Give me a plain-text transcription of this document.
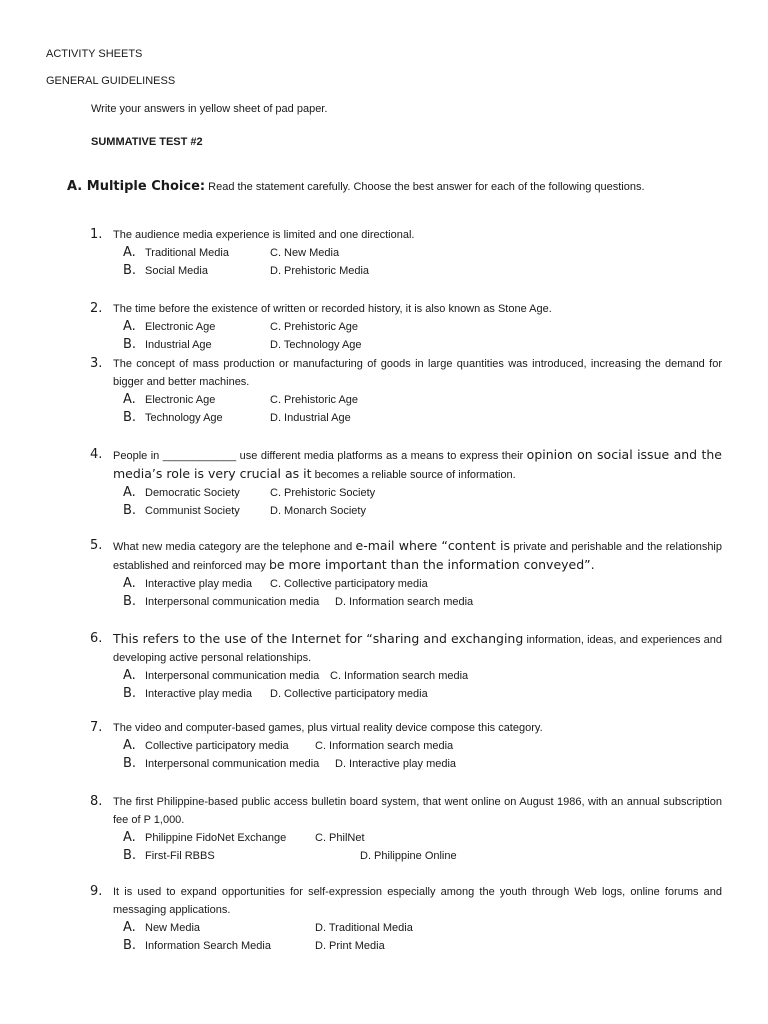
ACTIVITY SHEETS
GENERAL GUIDELINESS
Write your answers in yellow sheet of pad paper.
SUMMATIVE TEST #2
A. Multiple Choice: Read the statement carefully. Choose the best answer for each of the following questions.
1. The audience media experience is limited and one directional.
A. Traditional Media
B. Social Media
C. New Media
D. Prehistoric Media
2. The time before the existence of written or recorded history, it is also known as Stone Age.
A. Electronic Age
B. Industrial Age
C. Prehistoric Age
D. Technology Age
3. The concept of mass production or manufacturing of goods in large quantities was introduced, increasing the demand for bigger and better machines.
A. Electronic Age
B. Technology Age
C. Prehistoric Age
D. Industrial Age
4. People in ____________ use different media platforms as a means to express their opinion on social issue and the media’s role is very crucial as it becomes a reliable source of information.
A. Democratic Society
B. Communist Society
C. Prehistoric Society
D. Monarch Society
5. What new media category are the telephone and e-mail where “content is private and perishable and the relationship established and reinforced may be more important than the information conveyed”.
A. Interactive play media
B. Interpersonal communication media
C. Collective participatory media
D. Information search media
6. This refers to the use of the Internet for “sharing and exchanging information, ideas, and experiences and developing active personal relationships.
A. Interpersonal communication media
B. Interactive play media
C. Information search media
D. Collective participatory media
7. The video and computer-based games, plus virtual reality device compose this category.
A. Collective participatory media
B. Interpersonal communication media
C. Information search media
D. Interactive play media
8. The first Philippine-based public access bulletin board system, that went online on August 1986, with an annual subscription fee of P 1,000.
A. Philippine FidoNet Exchange
B. First-Fil RBBS
C. PhilNet
D. Philippine Online
9. It is used to expand opportunities for self-expression especially among the youth through Web logs, online forums and messaging applications.
A. New Media
B. Information Search Media
D. Traditional Media
D. Print Media
